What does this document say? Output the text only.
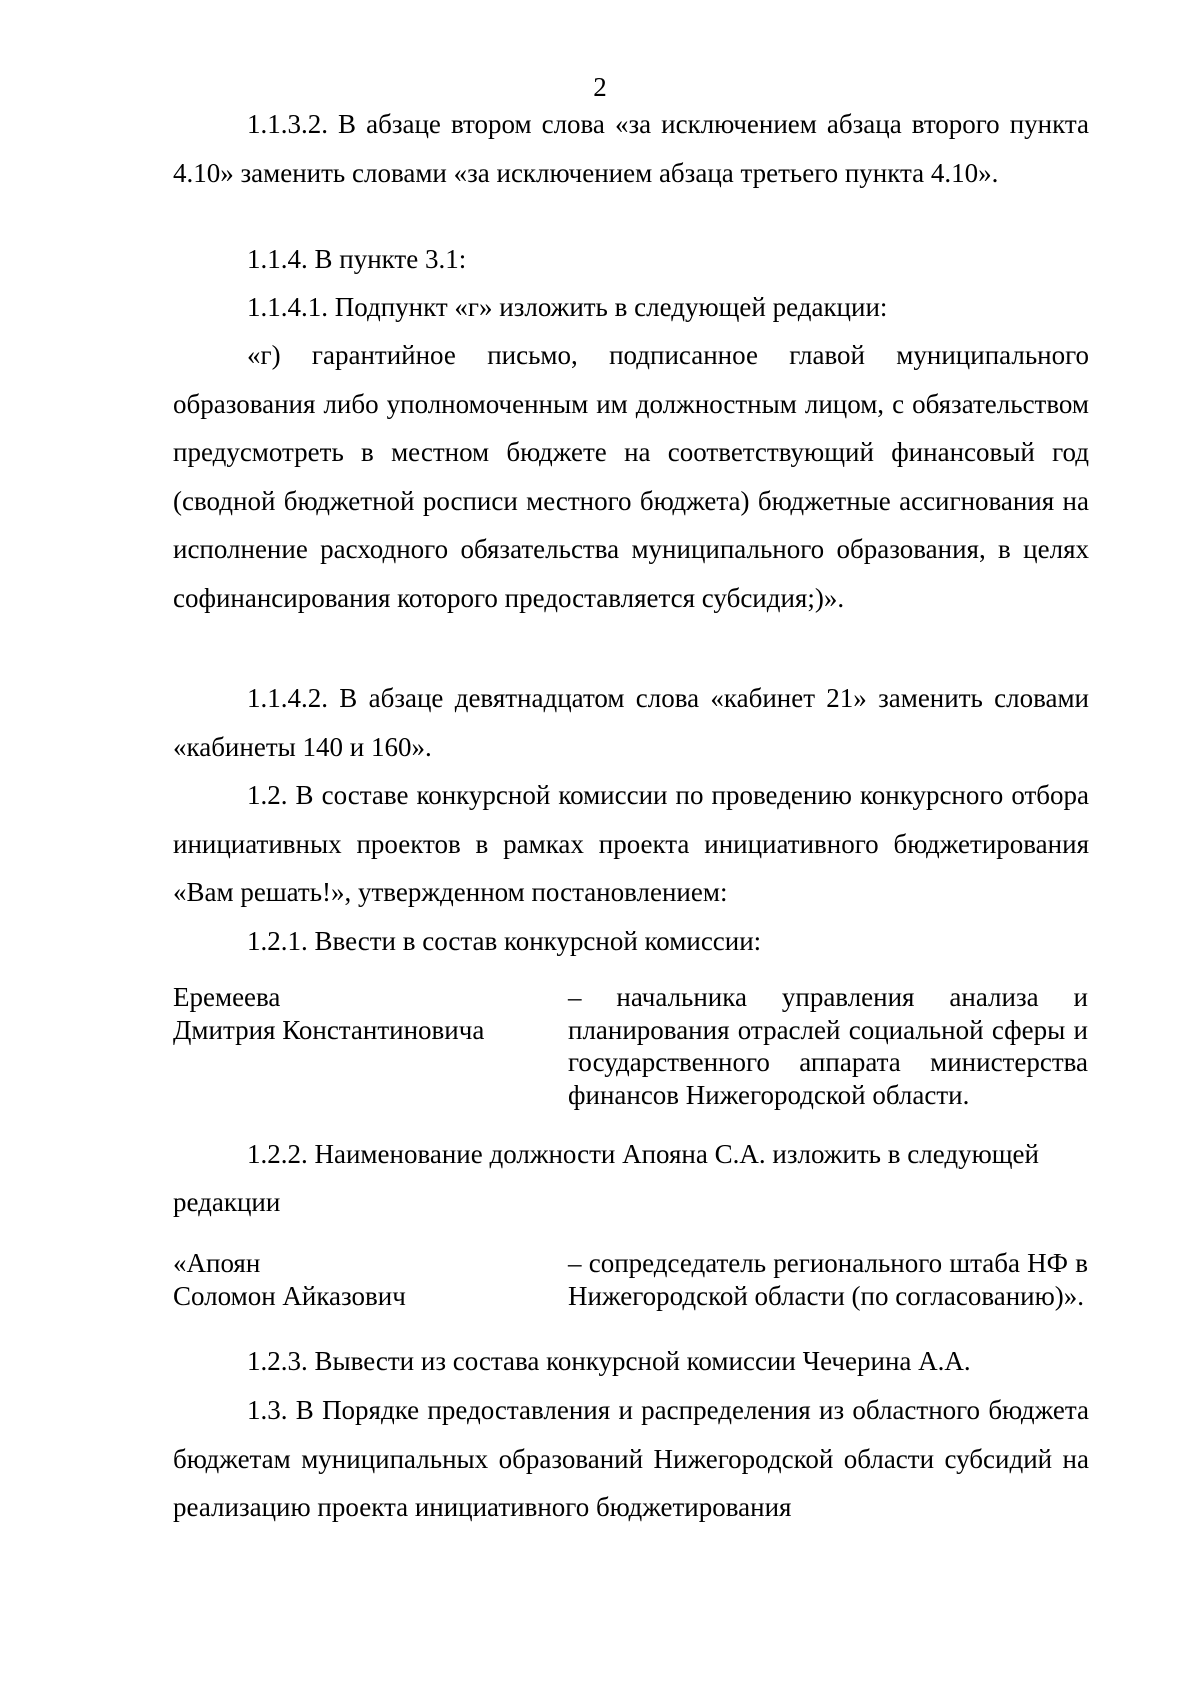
2
1.1.3.2. В абзаце втором слова «за исключением абзаца второго пункта 4.10» заменить словами «за исключением абзаца третьего пункта 4.10».
1.1.4. В пункте 3.1:
1.1.4.1. Подпункт «г» изложить в следующей редакции:
«г) гарантийное письмо, подписанное главой муниципального образования либо уполномоченным им должностным лицом, с обязательством предусмотреть в местном бюджете на соответствующий финансовый год (сводной бюджетной росписи местного бюджета) бюджетные ассигнования на исполнение расходного обязательства муниципального образования, в целях софинансирования которого предоставляется субсидия;)».
1.1.4.2. В абзаце девятнадцатом слова «кабинет 21» заменить словами «кабинеты 140 и 160».
1.2. В составе конкурсной комиссии по проведению конкурсного отбора инициативных проектов в рамках проекта инициативного бюджетирования «Вам решать!», утвержденном постановлением:
1.2.1. Ввести в состав конкурсной комиссии:
Еремеева
Дмитрия Константиновича
– начальника управления анализа и планирования отраслей социальной сферы и государственного аппарата министерства финансов Нижегородской области.
1.2.2. Наименование должности Апояна С.А. изложить в следующей
редакции
«Апоян
Соломон Айказович
– сопредседатель регионального штаба НФ в Нижегородской области (по согласованию)».
1.2.3. Вывести из состава конкурсной комиссии Чечерина А.А.
1.3. В Порядке предоставления и распределения из областного бюджета бюджетам муниципальных образований Нижегородской области субсидий на реализацию проекта инициативного бюджетирования
